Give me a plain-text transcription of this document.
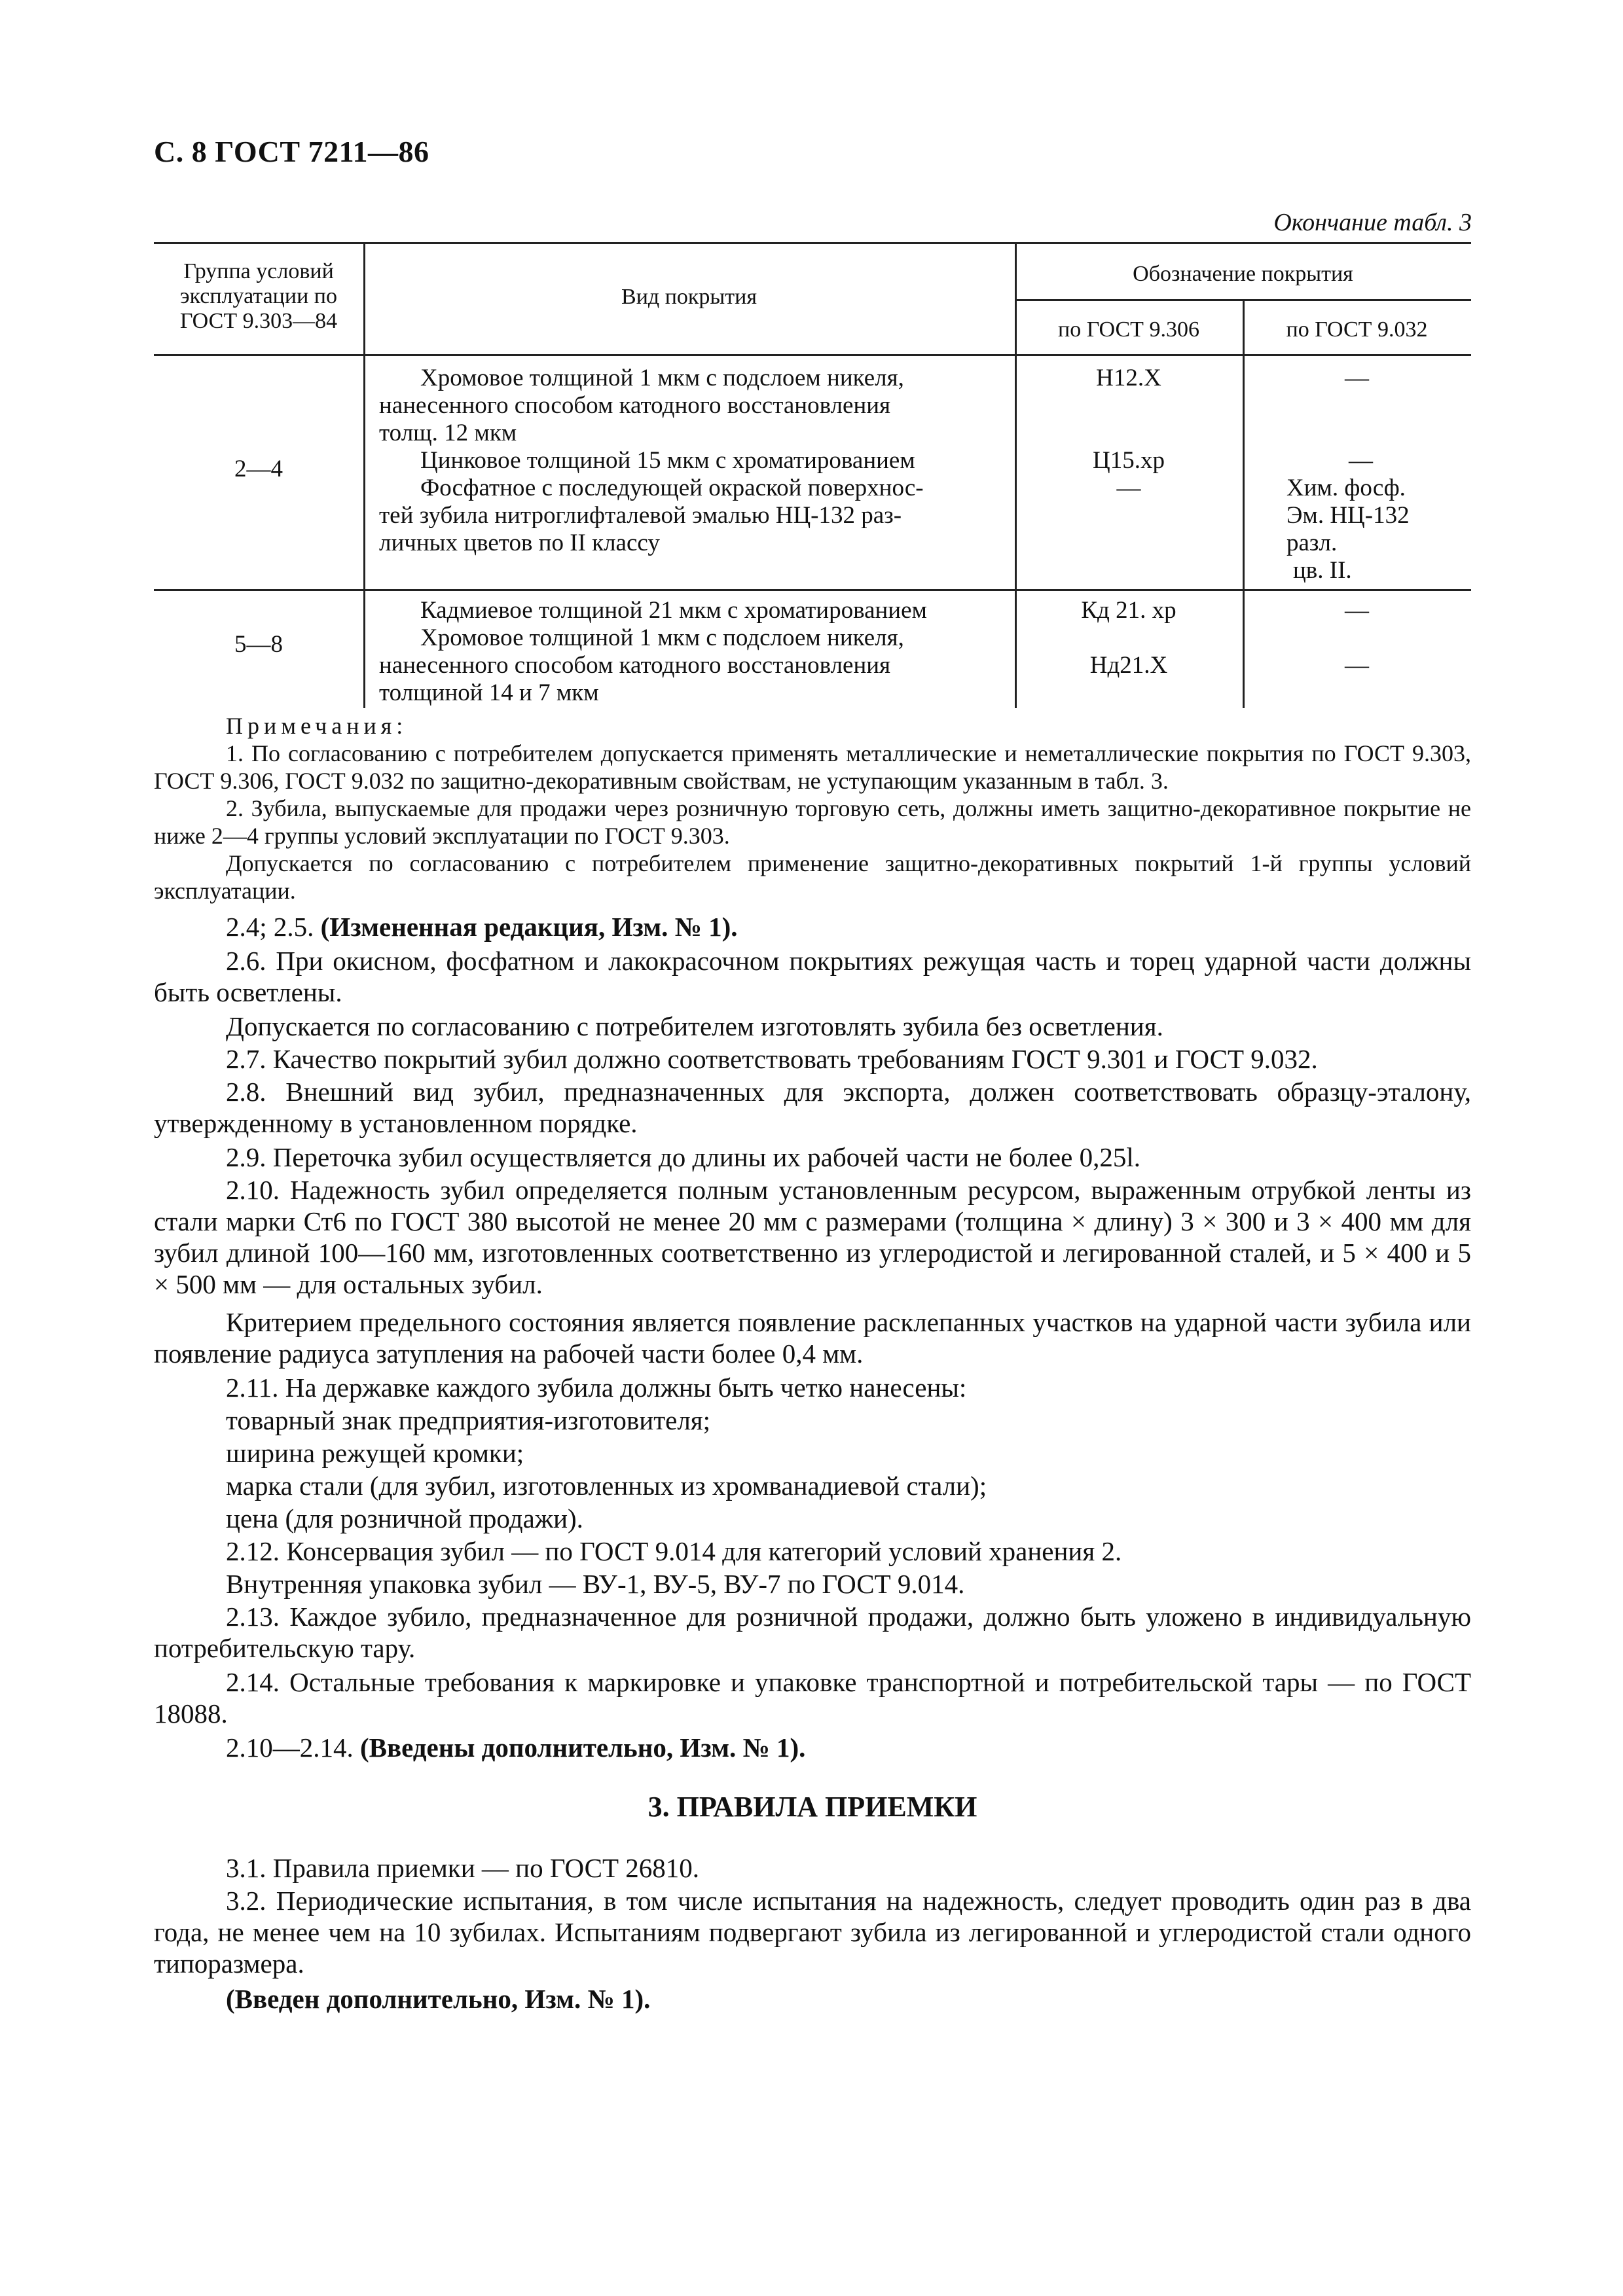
С. 8 ГОСТ 7211—86
Окончание табл. 3
Группа условий
эксплуатации по
ГОСТ 9.303—84
Вид покрытия
Обозначение покрытия
по ГОСТ 9.306	по ГОСТ 9.032
2—4
Хромовое толщиной 1 мкм с подслоем никеля,
нанесенного способом катодного восстановления
толщ. 12 мкм
Цинковое толщиной 15 мкм с хроматированием
Фосфатное с последующей окраской поверхнос-
тей зубила нитроглифталевой эмалью НЦ-132 раз-
личных цветов по II классу
Н12.Х
Ц15.хр
—
—
—
Хим. фосф.
Эм. НЦ-132
разл.
цв. II.
5—8
Кадмиевое толщиной 21 мкм с хроматированием
Хромовое толщиной 1 мкм с подслоем никеля,
нанесенного способом катодного восстановления
толщиной 14 и 7 мкм
Кд 21. хр
Нд21.Х
—
—
Примечания:
1. По согласованию с потребителем допускается применять металлические и неметаллические покрытия по ГОСТ 9.303, ГОСТ 9.306, ГОСТ 9.032 по защитно-декоративным свойствам, не уступающим указанным в табл. 3.
2. Зубила, выпускаемые для продажи через розничную торговую сеть, должны иметь защитно-декоративное покрытие не ниже 2—4 группы условий эксплуатации по ГОСТ 9.303.
Допускается по согласованию с потребителем применение защитно-декоративных покрытий 1-й группы условий эксплуатации.
2.4; 2.5. (Измененная редакция, Изм. № 1).
2.6. При окисном, фосфатном и лакокрасочном покрытиях режущая часть и торец ударной части должны быть осветлены.
Допускается по согласованию с потребителем изготовлять зубила без осветления.
2.7. Качество покрытий зубил должно соответствовать требованиям ГОСТ 9.301 и ГОСТ 9.032.
2.8. Внешний вид зубил, предназначенных для экспорта, должен соответствовать образцу-эталону, утвержденному в установленном порядке.
2.9. Переточка зубил осуществляется до длины их рабочей части не более 0,25l.
2.10. Надежность зубил определяется полным установленным ресурсом, выраженным отрубкой ленты из стали марки Ст6 по ГОСТ 380 высотой не менее 20 мм с размерами (толщина × длину) 3 × 300 и 3 × 400 мм для зубил длиной 100—160 мм, изготовленных соответственно из углеродистой и легированной сталей, и 5 × 400 и 5 × 500 мм — для остальных зубил.
Критерием предельного состояния является появление расклепанных участков на ударной части зубила или появление радиуса затупления на рабочей части более 0,4 мм.
2.11. На державке каждого зубила должны быть четко нанесены:
товарный знак предприятия-изготовителя;
ширина режущей кромки;
марка стали (для зубил, изготовленных из хромванадиевой стали);
цена (для розничной продажи).
2.12. Консервация зубил — по ГОСТ 9.014 для категорий условий хранения 2.
Внутренняя упаковка зубил — ВУ-1, ВУ-5, ВУ-7 по ГОСТ 9.014.
2.13. Каждое зубило, предназначенное для розничной продажи, должно быть уложено в индивидуальную потребительскую тару.
2.14. Остальные требования к маркировке и упаковке транспортной и потребительской тары — по ГОСТ 18088.
2.10—2.14. (Введены дополнительно, Изм. № 1).
3. ПРАВИЛА ПРИЕМКИ
3.1. Правила приемки — по ГОСТ 26810.
3.2. Периодические испытания, в том числе испытания на надежность, следует проводить один раз в два года, не менее чем на 10 зубилах. Испытаниям подвергают зубила из легированной и углеродистой стали одного типоразмера.
(Введен дополнительно, Изм. № 1).
